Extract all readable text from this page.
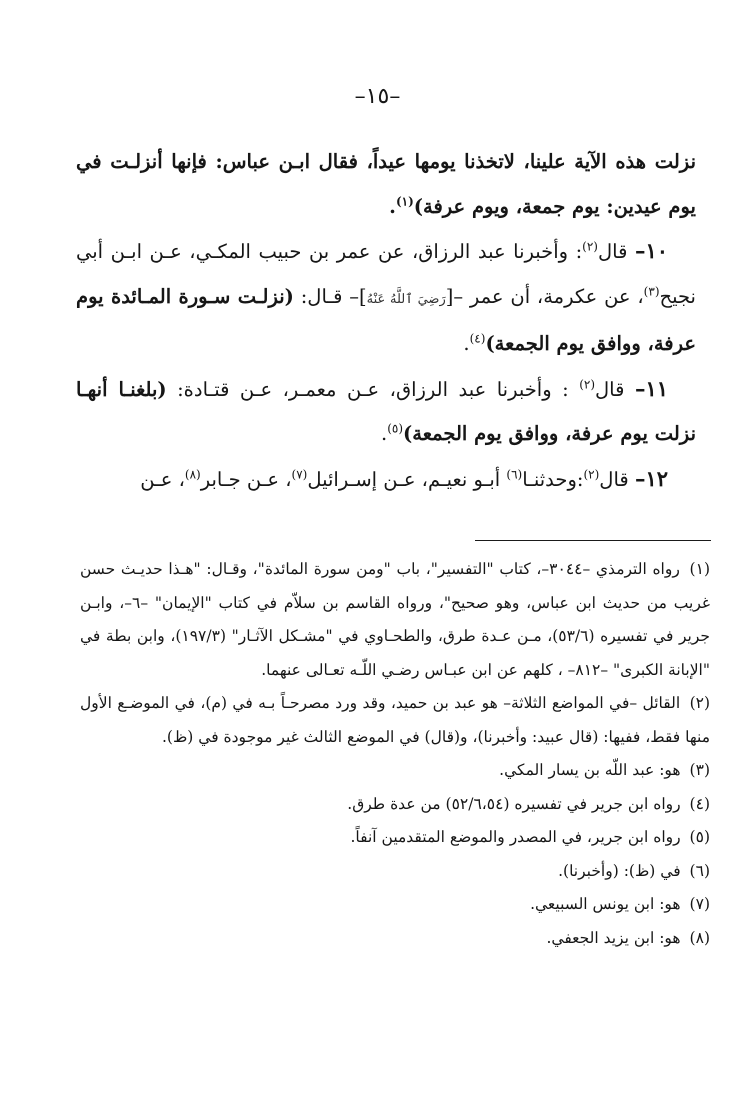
–١٥–

نزلت هذه الآية علينا، لاتخذنا يومها عيداً، فقال ابـن عباس: فإنها أنزلـت في يوم عيدين: يوم جمعة، ويوم عرفة)$^{(١)}$.

١٠– قال$^{(٢)}$: وأخبرنا عبد الرزاق، عن عمر بن حبيب المكـي، عـن ابـن أبي نجيح$^{(٣)}$، عن عكرمة، أن عمر –[رَضِيَ ٱللَّهُ عَنْهُ]– قـال: (نزلـت سـورة المـائدة يوم عرفة، ووافق يوم الجمعة)$^{(٤)}$.

١١– قال$^{(٢)}$ : وأخبرنا عبد الرزاق، عـن معمـر، عـن قتـادة: (بلغنـا أنهـا نزلت يوم عرفة، ووافق يوم الجمعة)$^{(٥)}$.

١٢– قال$^{(٢)}$:وحدثنـا$^{(٦)}$ أبـو نعيـم، عـن إسـرائيل$^{(٧)}$، عـن جـابر$^{(٨)}$، عـن

(١) رواه الترمذي –٣٠٤٤–، كتاب "التفسير"، باب "ومن سورة المائدة"، وقـال: "هـذا حديـث حسن غريب من حديث ابن عباس، وهو صحيح"، ورواه القاسم بن سلاّم في كتاب "الإيمان" –٦–، وابـن جرير في تفسيره (٥٣/٦)، مـن عـدة طرق، والطحـاوي في "مشـكل الآثـار" (١٩٧/٣)، وابن بطة في "الإبانة الكبرى" –٨١٢– ، كلهم عن ابن عبـاس رضـي اللّـه تعـالى عنهما.

(٢) القائل –في المواضع الثلاثة– هو عبد بن حميد، وقد ورد مصرحـاً بـه في (م)، في الموضـع الأول منها فقط، ففيها: (قال عبيد: وأخبرنا)، و(قال) في الموضع الثالث غير موجودة في (ظ).

(٣) هو: عبد اللّه بن يسار المكي.

(٤) رواه ابن جرير في تفسيره (٥٢/٦،٥٤) من عدة طرق.

(٥) رواه ابن جرير، في المصدر والموضع المتقدمين آنفاً.

(٦) في (ظ): (وأخبرنا).

(٧) هو: ابن يونس السبيعي.

(٨) هو: ابن يزيد الجعفي.
